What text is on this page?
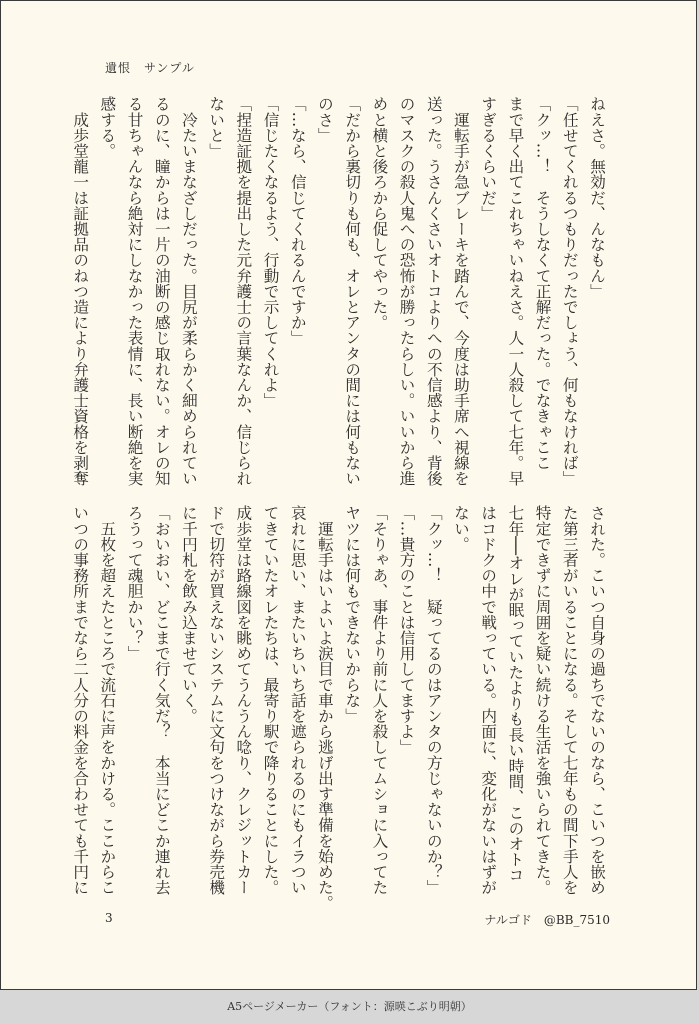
遺恨　サンプル

ねえさ。無効だ、んなもん」

「任せてくれるつもりだったでしょう、何もなければ」

「クッ…！　そうしなくて正解だった。でなきゃここ

まで早く出てこれちゃいねえさ。人一人殺して七年。早

すぎるくらいだ」

　運転手が急ブレーキを踏んで、今度は助手席へ視線を

送った。うさんくさいオトコよりへの不信感より、背後

のマスクの殺人鬼への恐怖が勝ったらしい。いいから進

めと横と後ろから促してやった。

「だから裏切りも何も、オレとアンタの間には何もない

のさ」

「…なら、信じてくれるんですか」

「信じたくなるよう、行動で示してくれよ」

「捏造証拠を提出した元弁護士の言葉なんか、信じられ

ないと」

　冷たいまなざしだった。目尻が柔らかく細められてい

るのに、瞳からは一片の油断の感じ取れない。オレの知

る甘ちゃんなら絶対にしなかった表情に、長い断絶を実

感する。

　成歩堂龍一は証拠品のねつ造により弁護士資格を剥奪

された。こいつ自身の過ちでないのなら、こいつを嵌め

た第三者がいることになる。そして七年もの間下手人を

特定できずに周囲を疑い続ける生活を強いられてきた。

七年──オレが眠っていたよりも長い時間、このオトコ

はコドクの中で戦っている。内面に、変化がないはずが

ない。

「クッ…！　疑ってるのはアンタの方じゃないのか？」

「…貴方のことは信用してますよ」

「そりゃあ、事件より前に人を殺してムショに入ってた

ヤツには何もできないからな」

　運転手はいよいよ涙目で車から逃げ出す準備を始めた。

哀れに思い、またいちいち話を遮られるのにもイラつい

てきていたオレたちは、最寄り駅で降りることにした。

成歩堂は路線図を眺めてうんうん唸り、クレジットカー

ドで切符が買えないシステムに文句をつけながら券売機

に千円札を飲み込ませていく。

「おいおい、どこまで行く気だ？　本当にどこか連れ去

ろうって魂胆かい？」

　五枚を超えたところで流石に声をかける。ここからこ

いつの事務所までなら二人分の料金を合わせても千円に

3	ナルゴド　@BB_7510
A5ページメーカー（フォント：源暎こぶり明朝）
